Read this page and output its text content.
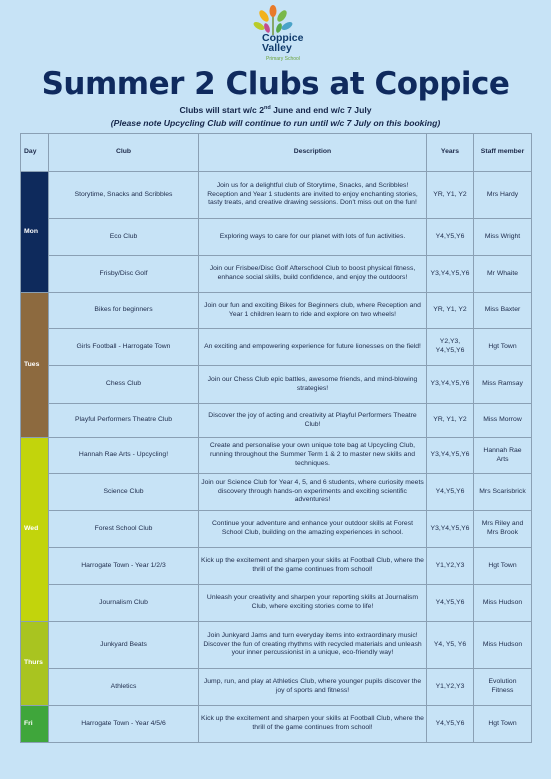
Coppice Valley
Primary School
Summer 2 Clubs at Coppice
Clubs will start w/c 2nd June and end w/c 7 July
(Please note Upcycling Club will continue to run until w/c 7 July on this booking)
Day	Club	Description	Years	Staff member
Mon	Storytime, Snacks and Scribbles	Join us for a delightful club of Storytime, Snacks, and Scribbles! Reception and Year 1 students are invited to enjoy enchanting stories, tasty treats, and creative drawing sessions. Don't miss out on the fun!	YR, Y1, Y2	Mrs Hardy
	Eco Club	Exploring ways to care for our planet with lots of fun activities.	Y4,Y5,Y6	Miss Wright
	Frisby/Disc Golf	Join our Frisbee/Disc Golf Afterschool Club to boost physical fitness, enhance social skills, build confidence, and enjoy the outdoors!	Y3,Y4,Y5,Y6	Mr Whaite
Tues	Bikes for beginners	Join our fun and exciting Bikes for Beginners club, where Reception and Year 1 children learn to ride and explore on two wheels!	YR, Y1, Y2	Miss Baxter
	Girls Football - Harrogate Town	An exciting and empowering experience for future lionesses on the field!	Y2,Y3, Y4,Y5,Y6	Hgt Town
	Chess Club	Join our Chess Club epic battles, awesome friends, and mind-blowing strategies!	Y3,Y4,Y5,Y6	Miss Ramsay
	Playful Performers Theatre Club	Discover the joy of acting and creativity at Playful Performers Theatre Club!	YR, Y1, Y2	Miss Morrow
Wed	Hannah Rae Arts - Upcycling!	Create and personalise your own unique tote bag at Upcycling Club, running throughout the Summer Term 1 & 2 to master new skills and techniques.	Y3,Y4,Y5,Y6	Hannah Rae Arts
	Science Club	Join our Science Club for Year 4, 5, and 6 students, where curiosity meets discovery through hands-on experiments and exciting scientific adventures!	Y4,Y5,Y6	Mrs Scarisbrick
	Forest School Club	Continue your adventure and enhance your outdoor skills at Forest School Club, building on the amazing experiences in school.	Y3,Y4,Y5,Y6	Mrs Riley and Mrs Brook
	Harrogate Town - Year 1/2/3	Kick up the excitement and sharpen your skills at Football Club, where the thrill of the game continues from school!	Y1,Y2,Y3	Hgt Town
	Journalism Club	Unleash your creativity and sharpen your reporting skills at Journalism Club, where exciting stories come to life!	Y4,Y5,Y6	Miss Hudson
Thurs	Junkyard Beats	Join Junkyard Jams and turn everyday items into extraordinary music! Discover the fun of creating rhythms with recycled materials and unleash your inner percussionist in a unique, eco-friendly way!	Y4, Y5, Y6	Miss Hudson
	Athletics	Jump, run, and play at Athletics Club, where younger pupils discover the joy of sports and fitness!	Y1,Y2,Y3	Evolution Fitness
Fri	Harrogate Town - Year 4/5/6	Kick up the excitement and sharpen your skills at Football Club, where the thrill of the game continues from school!	Y4,Y5,Y6	Hgt Town
